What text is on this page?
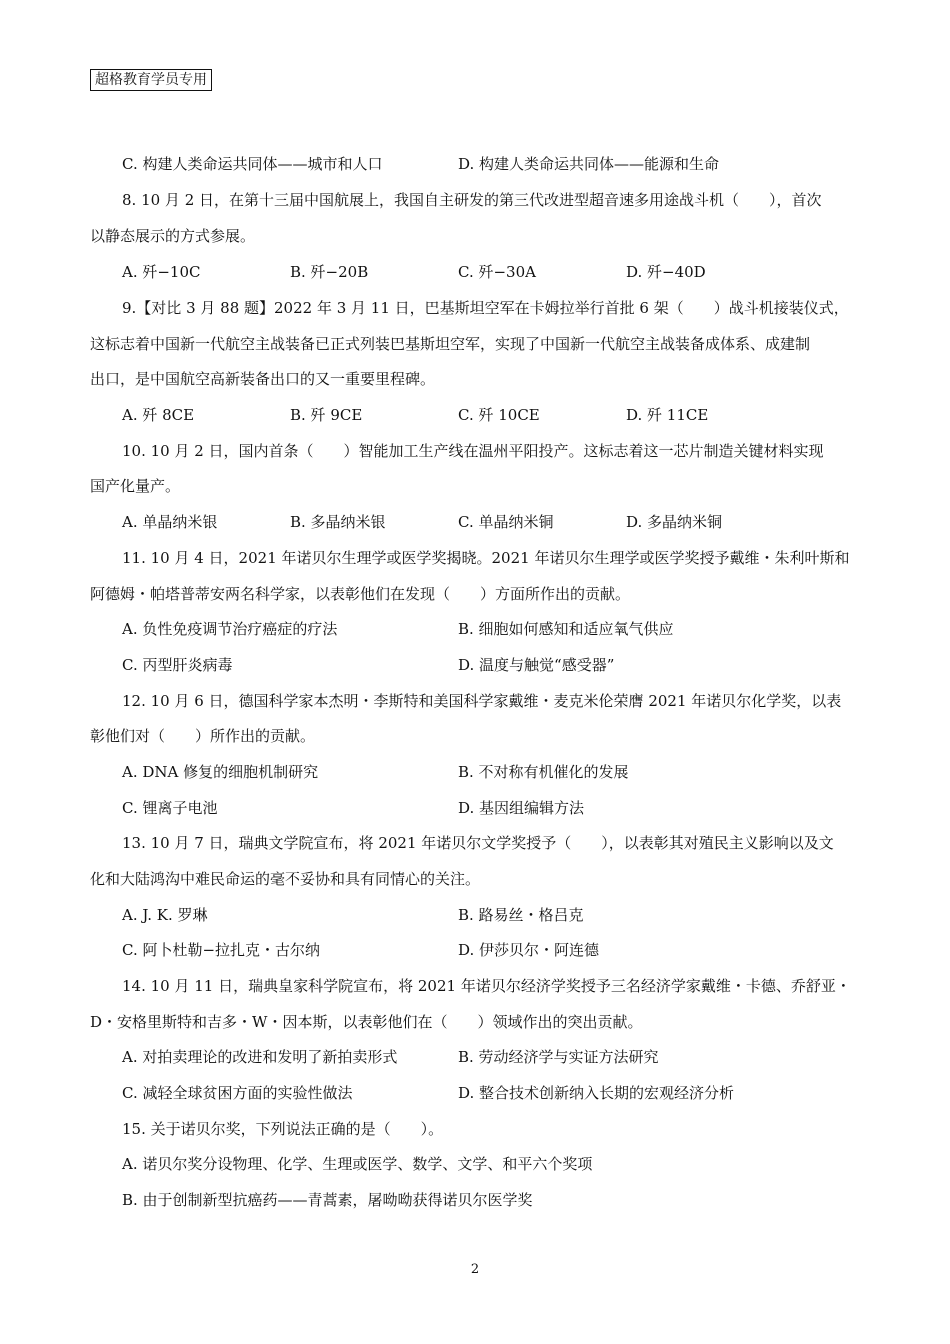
超格教育学员专用
C. 构建人类命运共同体——城市和人口	D. 构建人类命运共同体——能源和生命
8. 10 月 2 日，在第十三届中国航展上，我国自主研发的第三代改进型超音速多用途战斗机（　　），首次
以静态展示的方式参展。
A. 歼−10C	B. 歼−20B	C. 歼−30A	D. 歼−40D
9.【对比 3 月 88 题】2022 年 3 月 11 日，巴基斯坦空军在卡姆拉举行首批 6 架（　　）战斗机接装仪式，
这标志着中国新一代航空主战装备已正式列装巴基斯坦空军，实现了中国新一代航空主战装备成体系、成建制
出口，是中国航空高新装备出口的又一重要里程碑。
A. 歼 8CE	B. 歼 9CE	C. 歼 10CE	D. 歼 11CE
10. 10 月 2 日，国内首条（　　）智能加工生产线在温州平阳投产。这标志着这一芯片制造关键材料实现
国产化量产。
A. 单晶纳米银	B. 多晶纳米银	C. 单晶纳米铜	D. 多晶纳米铜
11. 10 月 4 日，2021 年诺贝尔生理学或医学奖揭晓。2021 年诺贝尔生理学或医学奖授予戴维・朱利叶斯和
阿德姆・帕塔普蒂安两名科学家，以表彰他们在发现（　　）方面所作出的贡献。
A. 负性免疫调节治疗癌症的疗法	B. 细胞如何感知和适应氧气供应
C. 丙型肝炎病毒	D. 温度与触觉“感受器”
12. 10 月 6 日，德国科学家本杰明・李斯特和美国科学家戴维・麦克米伦荣膺 2021 年诺贝尔化学奖，以表
彰他们对（　　）所作出的贡献。
A. DNA 修复的细胞机制研究	B. 不对称有机催化的发展
C. 锂离子电池	D. 基因组编辑方法
13. 10 月 7 日，瑞典文学院宣布，将 2021 年诺贝尔文学奖授予（　　），以表彰其对殖民主义影响以及文
化和大陆鸿沟中难民命运的毫不妥协和具有同情心的关注。
A. J. K. 罗琳	B. 路易丝・格吕克
C. 阿卜杜勒−拉扎克・古尔纳	D. 伊莎贝尔・阿连德
14. 10 月 11 日，瑞典皇家科学院宣布，将 2021 年诺贝尔经济学奖授予三名经济学家戴维・卡德、乔舒亚・
D・安格里斯特和吉多・W・因本斯，以表彰他们在（　　）领域作出的突出贡献。
A. 对拍卖理论的改进和发明了新拍卖形式	B. 劳动经济学与实证方法研究
C. 减轻全球贫困方面的实验性做法	D. 整合技术创新纳入长期的宏观经济分析
15. 关于诺贝尔奖，下列说法正确的是（　　）。
A. 诺贝尔奖分设物理、化学、生理或医学、数学、文学、和平六个奖项
B. 由于创制新型抗癌药——青蒿素，屠呦呦获得诺贝尔医学奖
2
